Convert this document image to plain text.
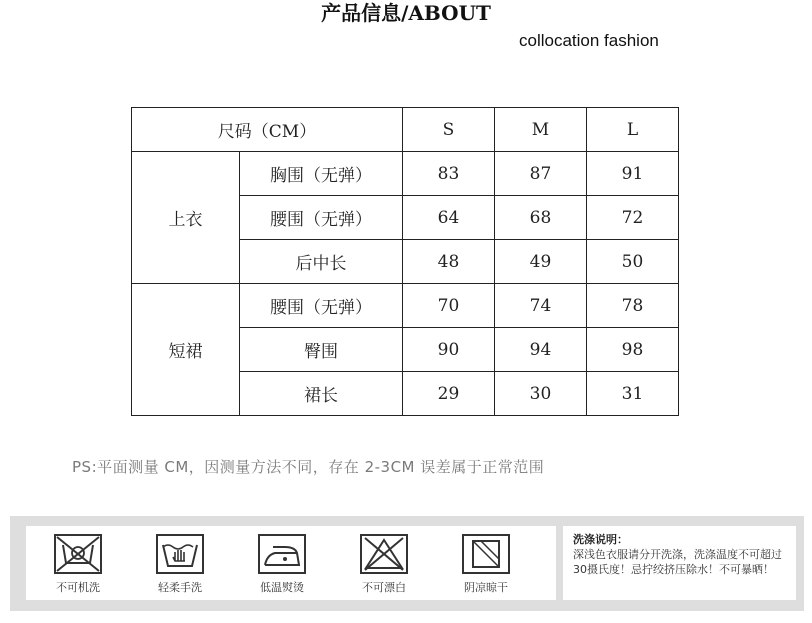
产品信息/ABOUT
collocation fashion
尺码（CM）		S	M	L
上衣	胸围（无弹）	83	87	91
	腰围（无弹）	64	68	72
	后中长	48	49	50
短裙	腰围（无弹）	70	74	78
	臀围	90	94	98
	裙长	29	30	31
PS:平面测量 CM，因测量方法不同，存在 2-3CM 误差属于正常范围
不可机洗	轻柔手洗	低温熨烫	不可漂白	阴凉晾干
洗涤说明：
深浅色衣服请分开洗涤，洗涤温度不可超过30摄氏度！忌拧绞挤压除水！不可暴晒！
